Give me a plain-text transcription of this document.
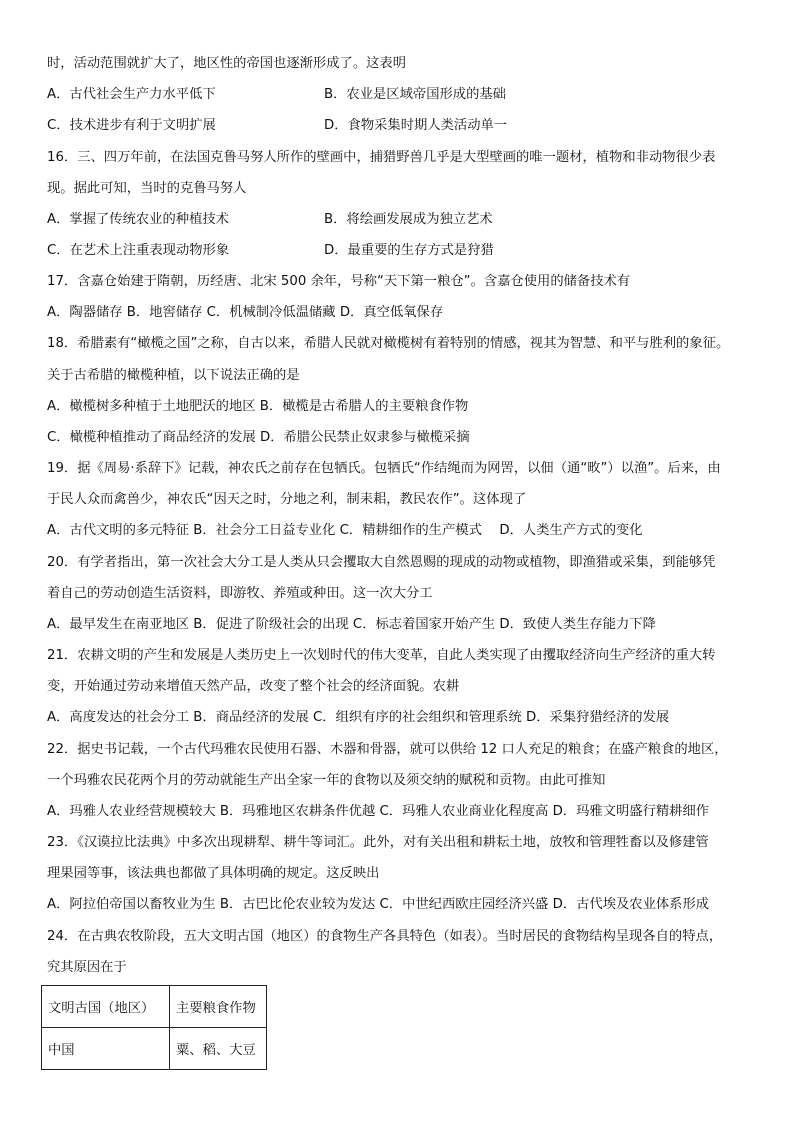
时，活动范围就扩大了，地区性的帝国也逐渐形成了。这表明

A．古代社会生产力水平低下	B．农业是区域帝国形成的基础
C．技术进步有利于文明扩展	D．食物采集时期人类活动单一

16．三、四万年前，在法国克鲁马努人所作的壁画中，捕猎野兽几乎是大型壁画的唯一题材，植物和非动物很少表

现。据此可知，当时的克鲁马努人

A．掌握了传统农业的种植技术	B．将绘画发展成为独立艺术
C．在艺术上注重表现动物形象	D．最重要的生存方式是狩猎

17．含嘉仓始建于隋朝，历经唐、北宋 500 余年，号称“天下第一粮仓”。含嘉仓使用的储备技术有

A．陶器储存 B．地窖储存 C．机械制冷低温储藏 D．真空低氧保存

18．希腊素有“橄榄之国”之称，自古以来，希腊人民就对橄榄树有着特别的情感，视其为智慧、和平与胜利的象征。

关于古希腊的橄榄种植，以下说法正确的是

A．橄榄树多种植于土地肥沃的地区 B．橄榄是古希腊人的主要粮食作物

C．橄榄种植推动了商品经济的发展 D．希腊公民禁止奴隶参与橄榄采摘

19．据《周易·系辞下》记载，神农氏之前存在包牺氏。包牺氏“作结绳而为网罟，以佃（通“畋”）以渔”。后来，由

于民人众而禽兽少，神农氏“因天之时，分地之利，制耒耜，教民农作”。这体现了

A．古代文明的多元特征 B．社会分工日益专业化 C．精耕细作的生产模式　 D．人类生产方式的变化

20．有学者指出，第一次社会大分工是人类从只会攫取大自然恩赐的现成的动物或植物，即渔猎或采集，到能够凭

着自己的劳动创造生活资料，即游牧、养殖或种田。这一次大分工

A．最早发生在南亚地区 B．促进了阶级社会的出现 C．标志着国家开始产生 D．致使人类生存能力下降

21．农耕文明的产生和发展是人类历史上一次划时代的伟大变革，自此人类实现了由攫取经济向生产经济的重大转

变，开始通过劳动来增值天然产品，改变了整个社会的经济面貌。农耕

A．高度发达的社会分工 B．商品经济的发展 C．组织有序的社会组织和管理系统 D．采集狩猎经济的发展

22．据史书记载，一个古代玛雅农民使用石器、木器和骨器，就可以供给 12 口人充足的粮食；在盛产粮食的地区，

一个玛雅农民花两个月的劳动就能生产出全家一年的食物以及须交纳的赋税和贡物。由此可推知

A．玛雅人农业经营规模较大 B．玛雅地区农耕条件优越 C．玛雅人农业商业化程度高 D．玛雅文明盛行精耕细作

23．《汉谟拉比法典》中多次出现耕犁、耕牛等词汇。此外，对有关出租和耕耘土地，放牧和管理牲畜以及修建管

理果园等事，该法典也都做了具体明确的规定。这反映出

A．阿拉伯帝国以畜牧业为生 B．古巴比伦农业较为发达 C．中世纪西欧庄园经济兴盛 D．古代埃及农业体系形成

24．在古典农牧阶段，五大文明古国（地区）的食物生产各具特色（如表）。当时居民的食物结构呈现各自的特点，

究其原因在于

文明古国（地区）	主要粮食作物
中国	粟、稻、大豆
